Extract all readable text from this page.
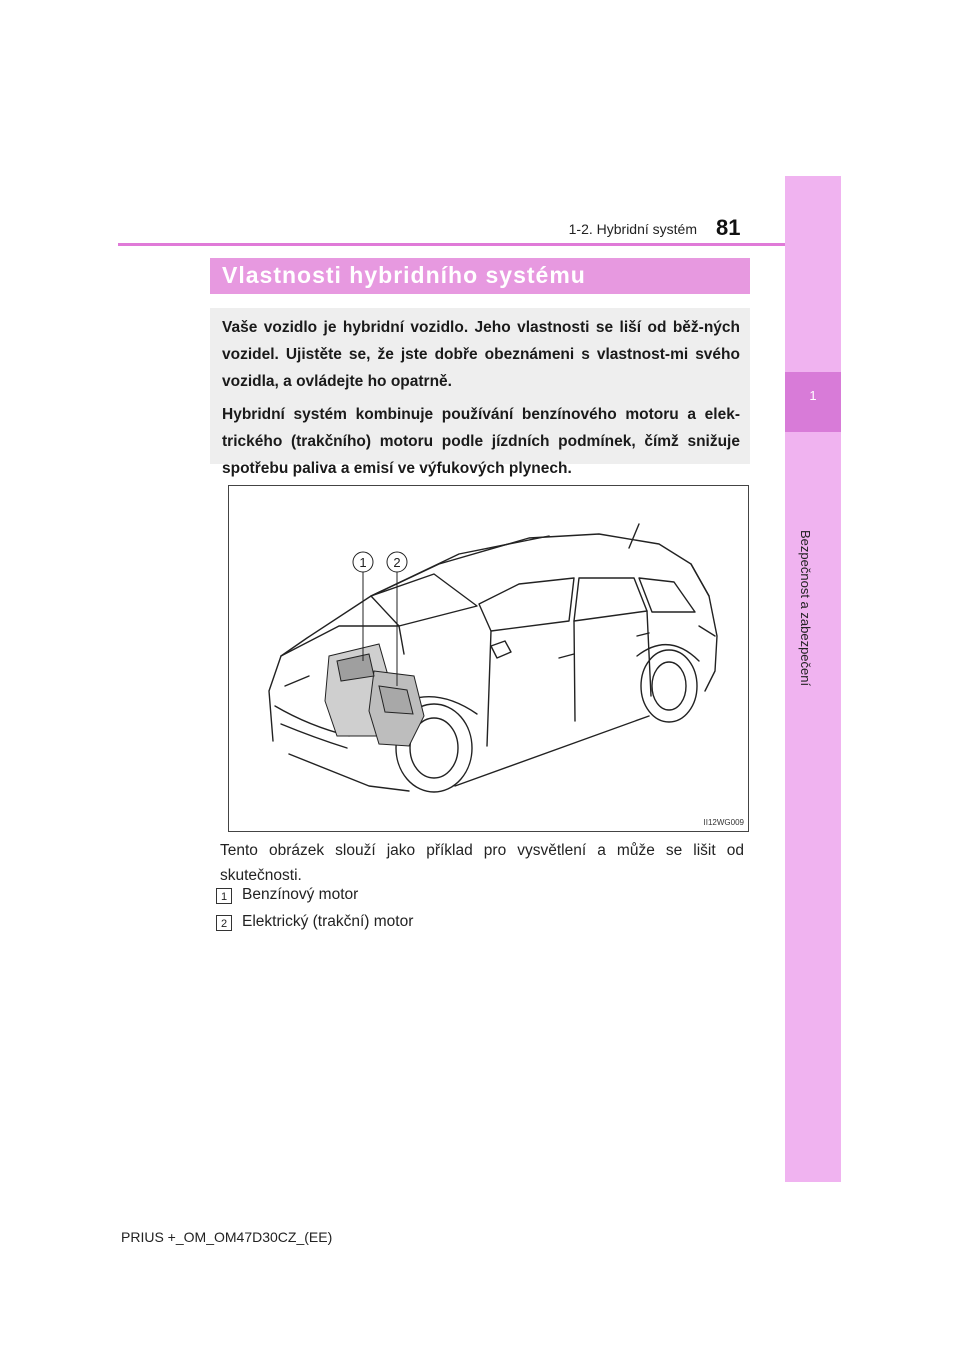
1
Bezpečnost a zabezpečení
1-2. Hybridní systém 81
Vlastnosti hybridního systému

Vaše vozidlo je hybridní vozidlo. Jeho vlastnosti se liší od běž-ných vozidel. Ujistěte se, že jste dobře obeznámeni s vlastnost-mi svého vozidla, a ovládejte ho opatrně.

Hybridní systém kombinuje používání benzínového motoru a elek-trického (trakčního) motoru podle jízdních podmínek, čímž snižuje spotřebu paliva a emisí ve výfukových plynech.

1 2
II12WG009
Tento obrázek slouží jako příklad pro vysvětlení a může se lišit od skutečnosti.
1 Benzínový motor
2 Elektrický (trakční) motor
PRIUS +_OM_OM47D30CZ_(EE)
